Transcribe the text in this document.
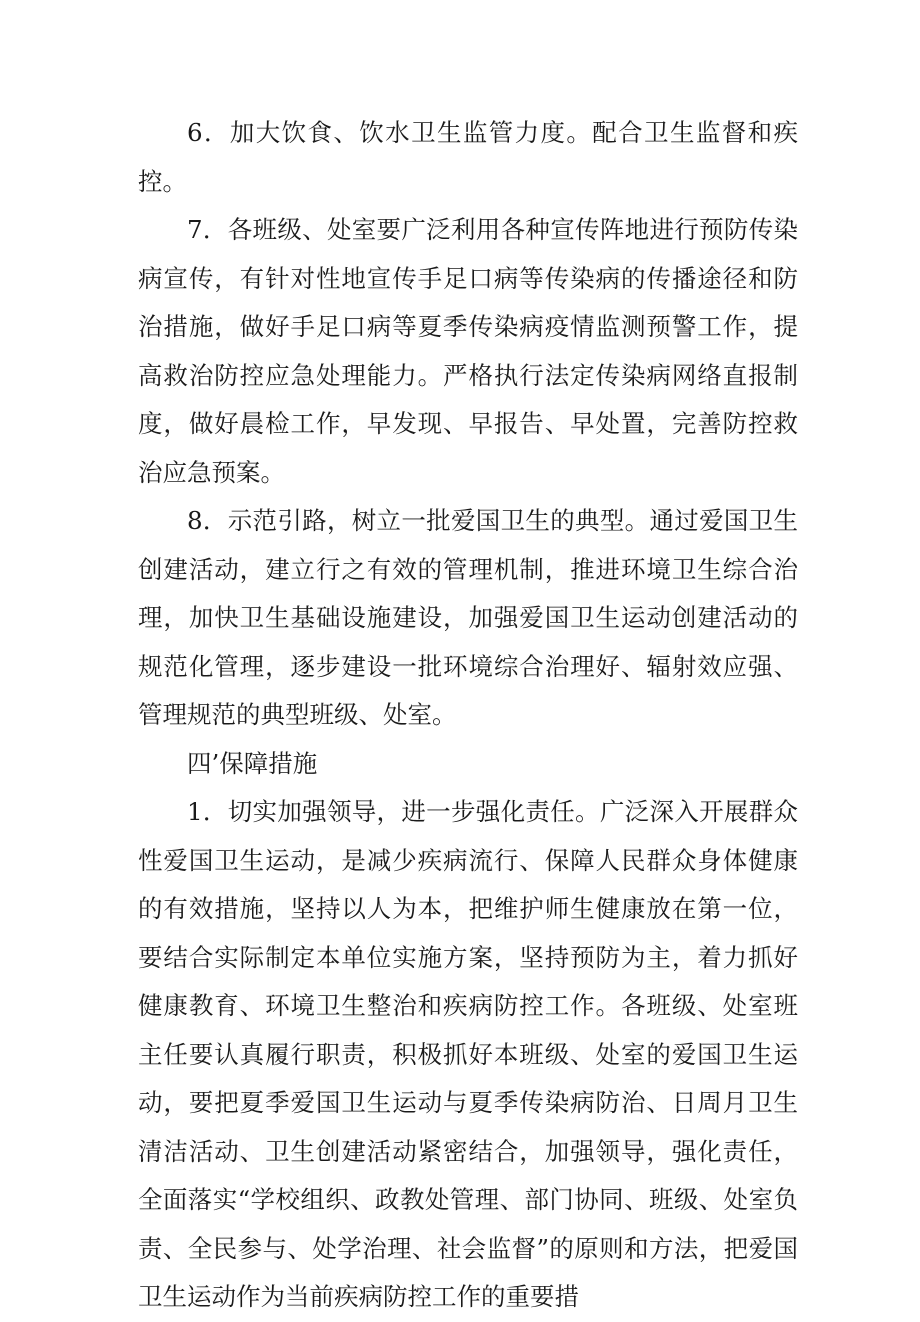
6．加大饮食、饮水卫生监管力度。配合卫生监督和疾控。

7．各班级、处室要广泛利用各种宣传阵地进行预防传染病宣传，有针对性地宣传手足口病等传染病的传播途径和防治措施，做好手足口病等夏季传染病疫情监测预警工作，提高救治防控应急处理能力。严格执行法定传染病网络直报制度，做好晨检工作，早发现、早报告、早处置，完善防控救治应急预案。

8．示范引路，树立一批爱国卫生的典型。通过爱国卫生创建活动，建立行之有效的管理机制，推进环境卫生综合治理，加快卫生基础设施建设，加强爱国卫生运动创建活动的规范化管理，逐步建设一批环境综合治理好、辐射效应强、管理规范的典型班级、处室。

四’保障措施

1．切实加强领导，进一步强化责任。广泛深入开展群众性爱国卫生运动，是减少疾病流行、保障人民群众身体健康的有效措施，坚持以人为本，把维护师生健康放在第一位，要结合实际制定本单位实施方案，坚持预防为主，着力抓好健康教育、环境卫生整治和疾病防控工作。各班级、处室班主任要认真履行职责，积极抓好本班级、处室的爱国卫生运动，要把夏季爱国卫生运动与夏季传染病防治、日周月卫生清洁活动、卫生创建活动紧密结合，加强领导，强化责任，全面落实“学校组织、政教处管理、部门协同、班级、处室负责、全民参与、处学治理、社会监督”的原则和方法，把爱国卫生运动作为当前疾病防控工作的重要措
